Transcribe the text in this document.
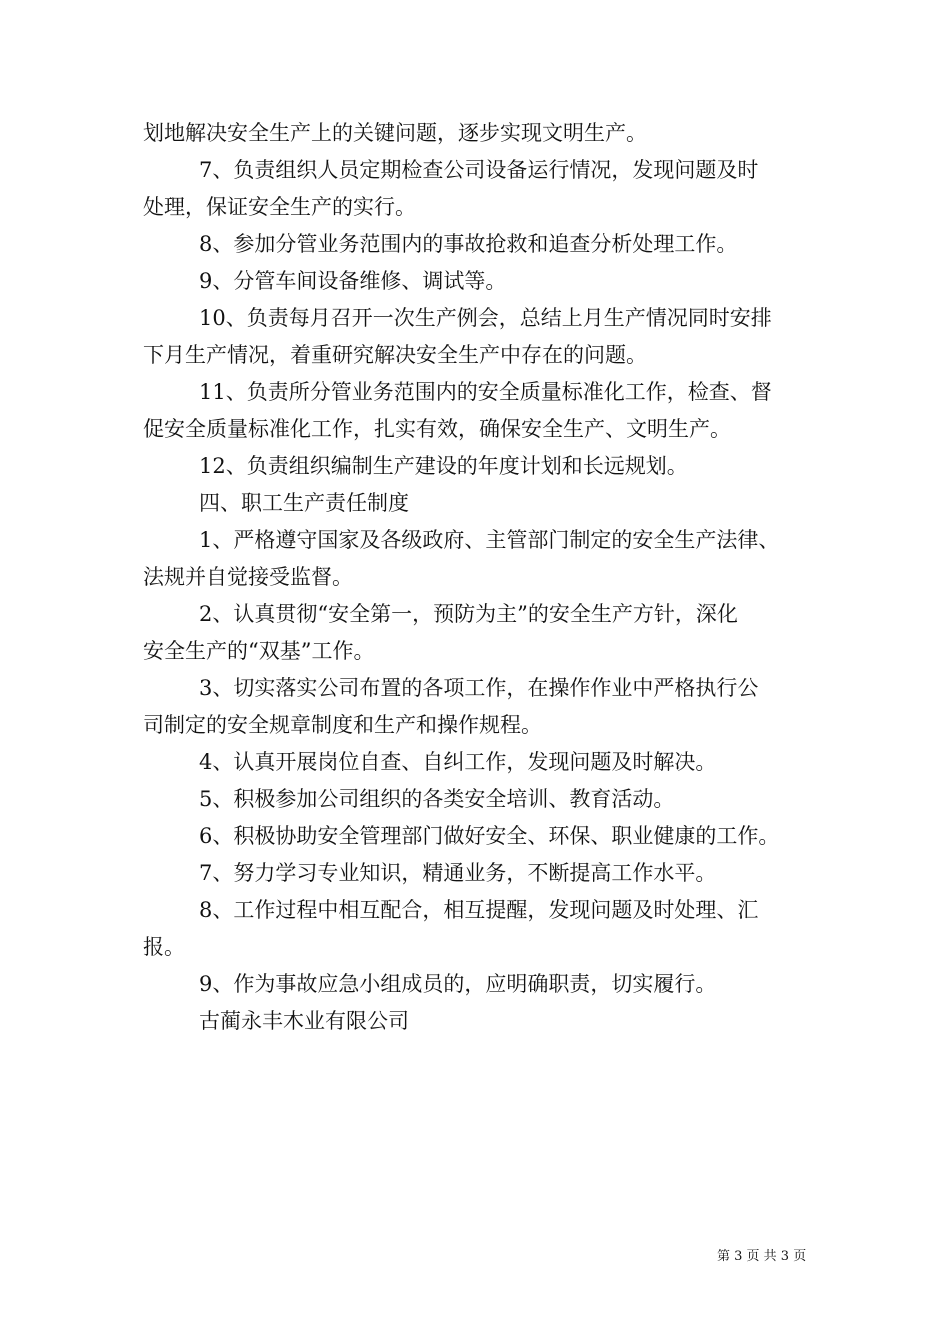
划地解决安全生产上的关键问题，逐步实现文明生产。
7、负责组织人员定期检查公司设备运行情况，发现问题及时
处理，保证安全生产的实行。
8、参加分管业务范围内的事故抢救和追查分析处理工作。
9、分管车间设备维修、调试等。
10、负责每月召开一次生产例会，总结上月生产情况同时安排
下月生产情况，着重研究解决安全生产中存在的问题。
11、负责所分管业务范围内的安全质量标准化工作，检查、督
促安全质量标准化工作，扎实有效，确保安全生产、文明生产。
12、负责组织编制生产建设的年度计划和长远规划。
四、职工生产责任制度
1、严格遵守国家及各级政府、主管部门制定的安全生产法律、
法规并自觉接受监督。
2、认真贯彻“安全第一，预防为主”的安全生产方针，深化
安全生产的“双基”工作。
3、切实落实公司布置的各项工作，在操作作业中严格执行公
司制定的安全规章制度和生产和操作规程。
4、认真开展岗位自查、自纠工作，发现问题及时解决。
5、积极参加公司组织的各类安全培训、教育活动。
6、积极协助安全管理部门做好安全、环保、职业健康的工作。
7、努力学习专业知识，精通业务，不断提高工作水平。
8、工作过程中相互配合，相互提醒，发现问题及时处理、汇
报。
9、作为事故应急小组成员的，应明确职责，切实履行。
古蔺永丰木业有限公司
第 3 页 共 3 页
